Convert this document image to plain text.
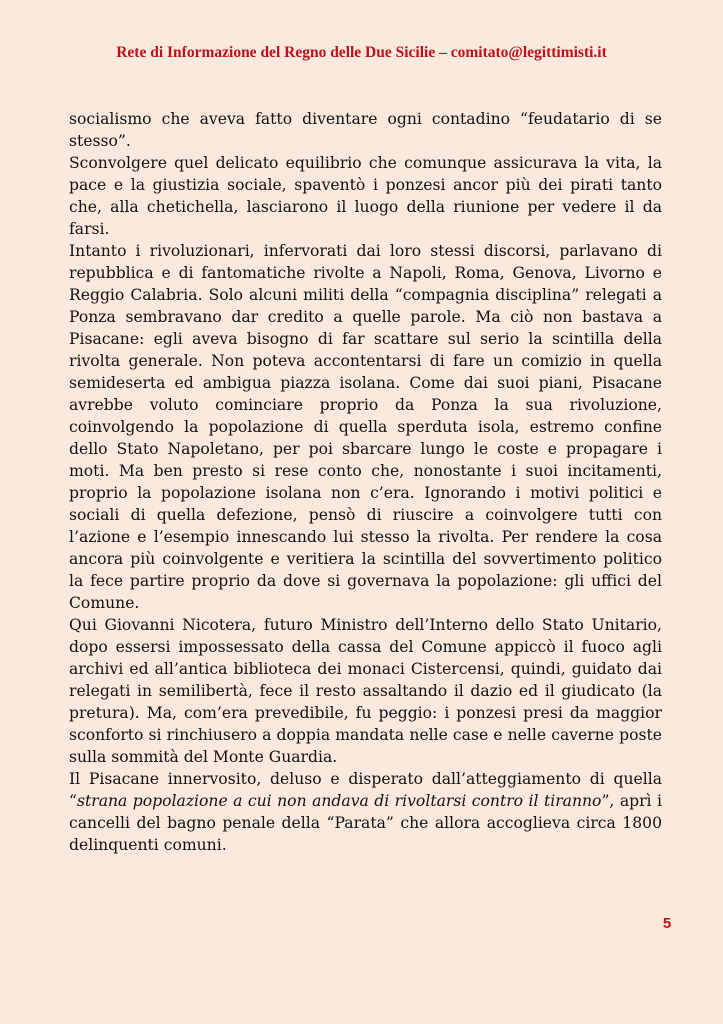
Rete di Informazione del Regno delle Due Sicilie – comitato@legittimisti.it

socialismo che aveva fatto diventare ogni contadino “feudatario di se stesso”.

Sconvolgere quel delicato equilibrio che comunque assicurava la vita, la pace e la giustizia sociale, spaventò i ponzesi ancor più dei pirati tanto che, alla chetichella, lasciarono il luogo della riunione per vedere il da farsi.

Intanto i rivoluzionari, infervorati dai loro stessi discorsi, parlavano di repubblica e di fantomatiche rivolte a Napoli, Roma, Genova, Livorno e Reggio Calabria. Solo alcuni militi della “compagnia disciplina” relegati a Ponza sembravano dar credito a quelle parole. Ma ciò non bastava a Pisacane: egli aveva bisogno di far scattare sul serio la scintilla della rivolta generale. Non poteva accontentarsi di fare un comizio in quella semideserta ed ambigua piazza isolana. Come dai suoi piani, Pisacane avrebbe voluto cominciare proprio da Ponza la sua rivoluzione, coinvolgendo la popolazione di quella sperduta isola, estremo confine dello Stato Napoletano, per poi sbarcare lungo le coste e propagare i moti. Ma ben presto si rese conto che, nonostante i suoi incitamenti, proprio la popolazione isolana non c’era. Ignorando i motivi politici e sociali di quella defezione, pensò di riuscire a coinvolgere tutti con l’azione e l’esempio innescando lui stesso la rivolta. Per rendere la cosa ancora più coinvolgente e veritiera la scintilla del sovvertimento politico la fece partire proprio da dove si governava la popolazione: gli uffici del Comune.

Qui Giovanni Nicotera, futuro Ministro dell’Interno dello Stato Unitario, dopo essersi impossessato della cassa del Comune appiccò il fuoco agli archivi ed all’antica biblioteca dei monaci Cistercensi, quindi, guidato dai relegati in semilibertà, fece il resto assaltando il dazio ed il giudicato (la pretura). Ma, com’era prevedibile, fu peggio: i ponzesi presi da maggior sconforto si rinchiusero a doppia mandata nelle case e nelle caverne poste sulla sommità del Monte Guardia.

Il Pisacane innervosito, deluso e disperato dall’atteggiamento di quella “strana popolazione a cui non andava di rivoltarsi contro il tiranno”, aprì i cancelli del bagno penale della “Parata” che allora accoglieva circa 1800 delinquenti comuni.

5
